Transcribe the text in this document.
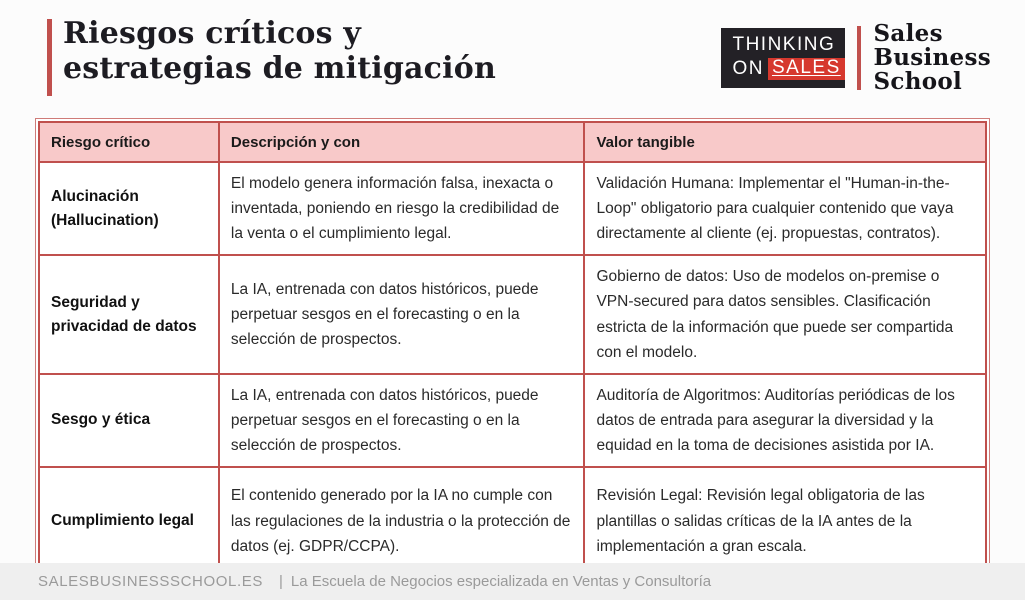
Riesgos críticos y
estrategias de mitigación
THINKING
ON SALES
Sales
Business
School
Riesgo crítico	Descripción y con	Valor tangible
Alucinación (Hallucination)	El modelo genera información falsa, inexacta o inventada, poniendo en riesgo la credibilidad de la venta o el cumplimiento legal.	Validación Humana: Implementar el "Human-in-the-Loop" obligatorio para cualquier contenido que vaya directamente al cliente (ej. propuestas, contratos).
Seguridad y privacidad de datos	La IA, entrenada con datos históricos, puede perpetuar sesgos en el forecasting o en la selección de prospectos.	Gobierno de datos: Uso de modelos on-premise o VPN-secured para datos sensibles. Clasificación estricta de la información que puede ser compartida con el modelo.
Sesgo y ética	La IA, entrenada con datos históricos, puede perpetuar sesgos en el forecasting o en la selección de prospectos.	Auditoría de Algoritmos: Auditorías periódicas de los datos de entrada para asegurar la diversidad y la equidad en la toma de decisiones asistida por IA.
Cumplimiento legal	El contenido generado por la IA no cumple con las regulaciones de la industria o la protección de datos (ej. GDPR/CCPA).	Revisión Legal: Revisión legal obligatoria de las plantillas o salidas críticas de la IA antes de la implementación a gran escala.
SALESBUSINESSSCHOOL.ES | La Escuela de Negocios especializada en Ventas y Consultoría
